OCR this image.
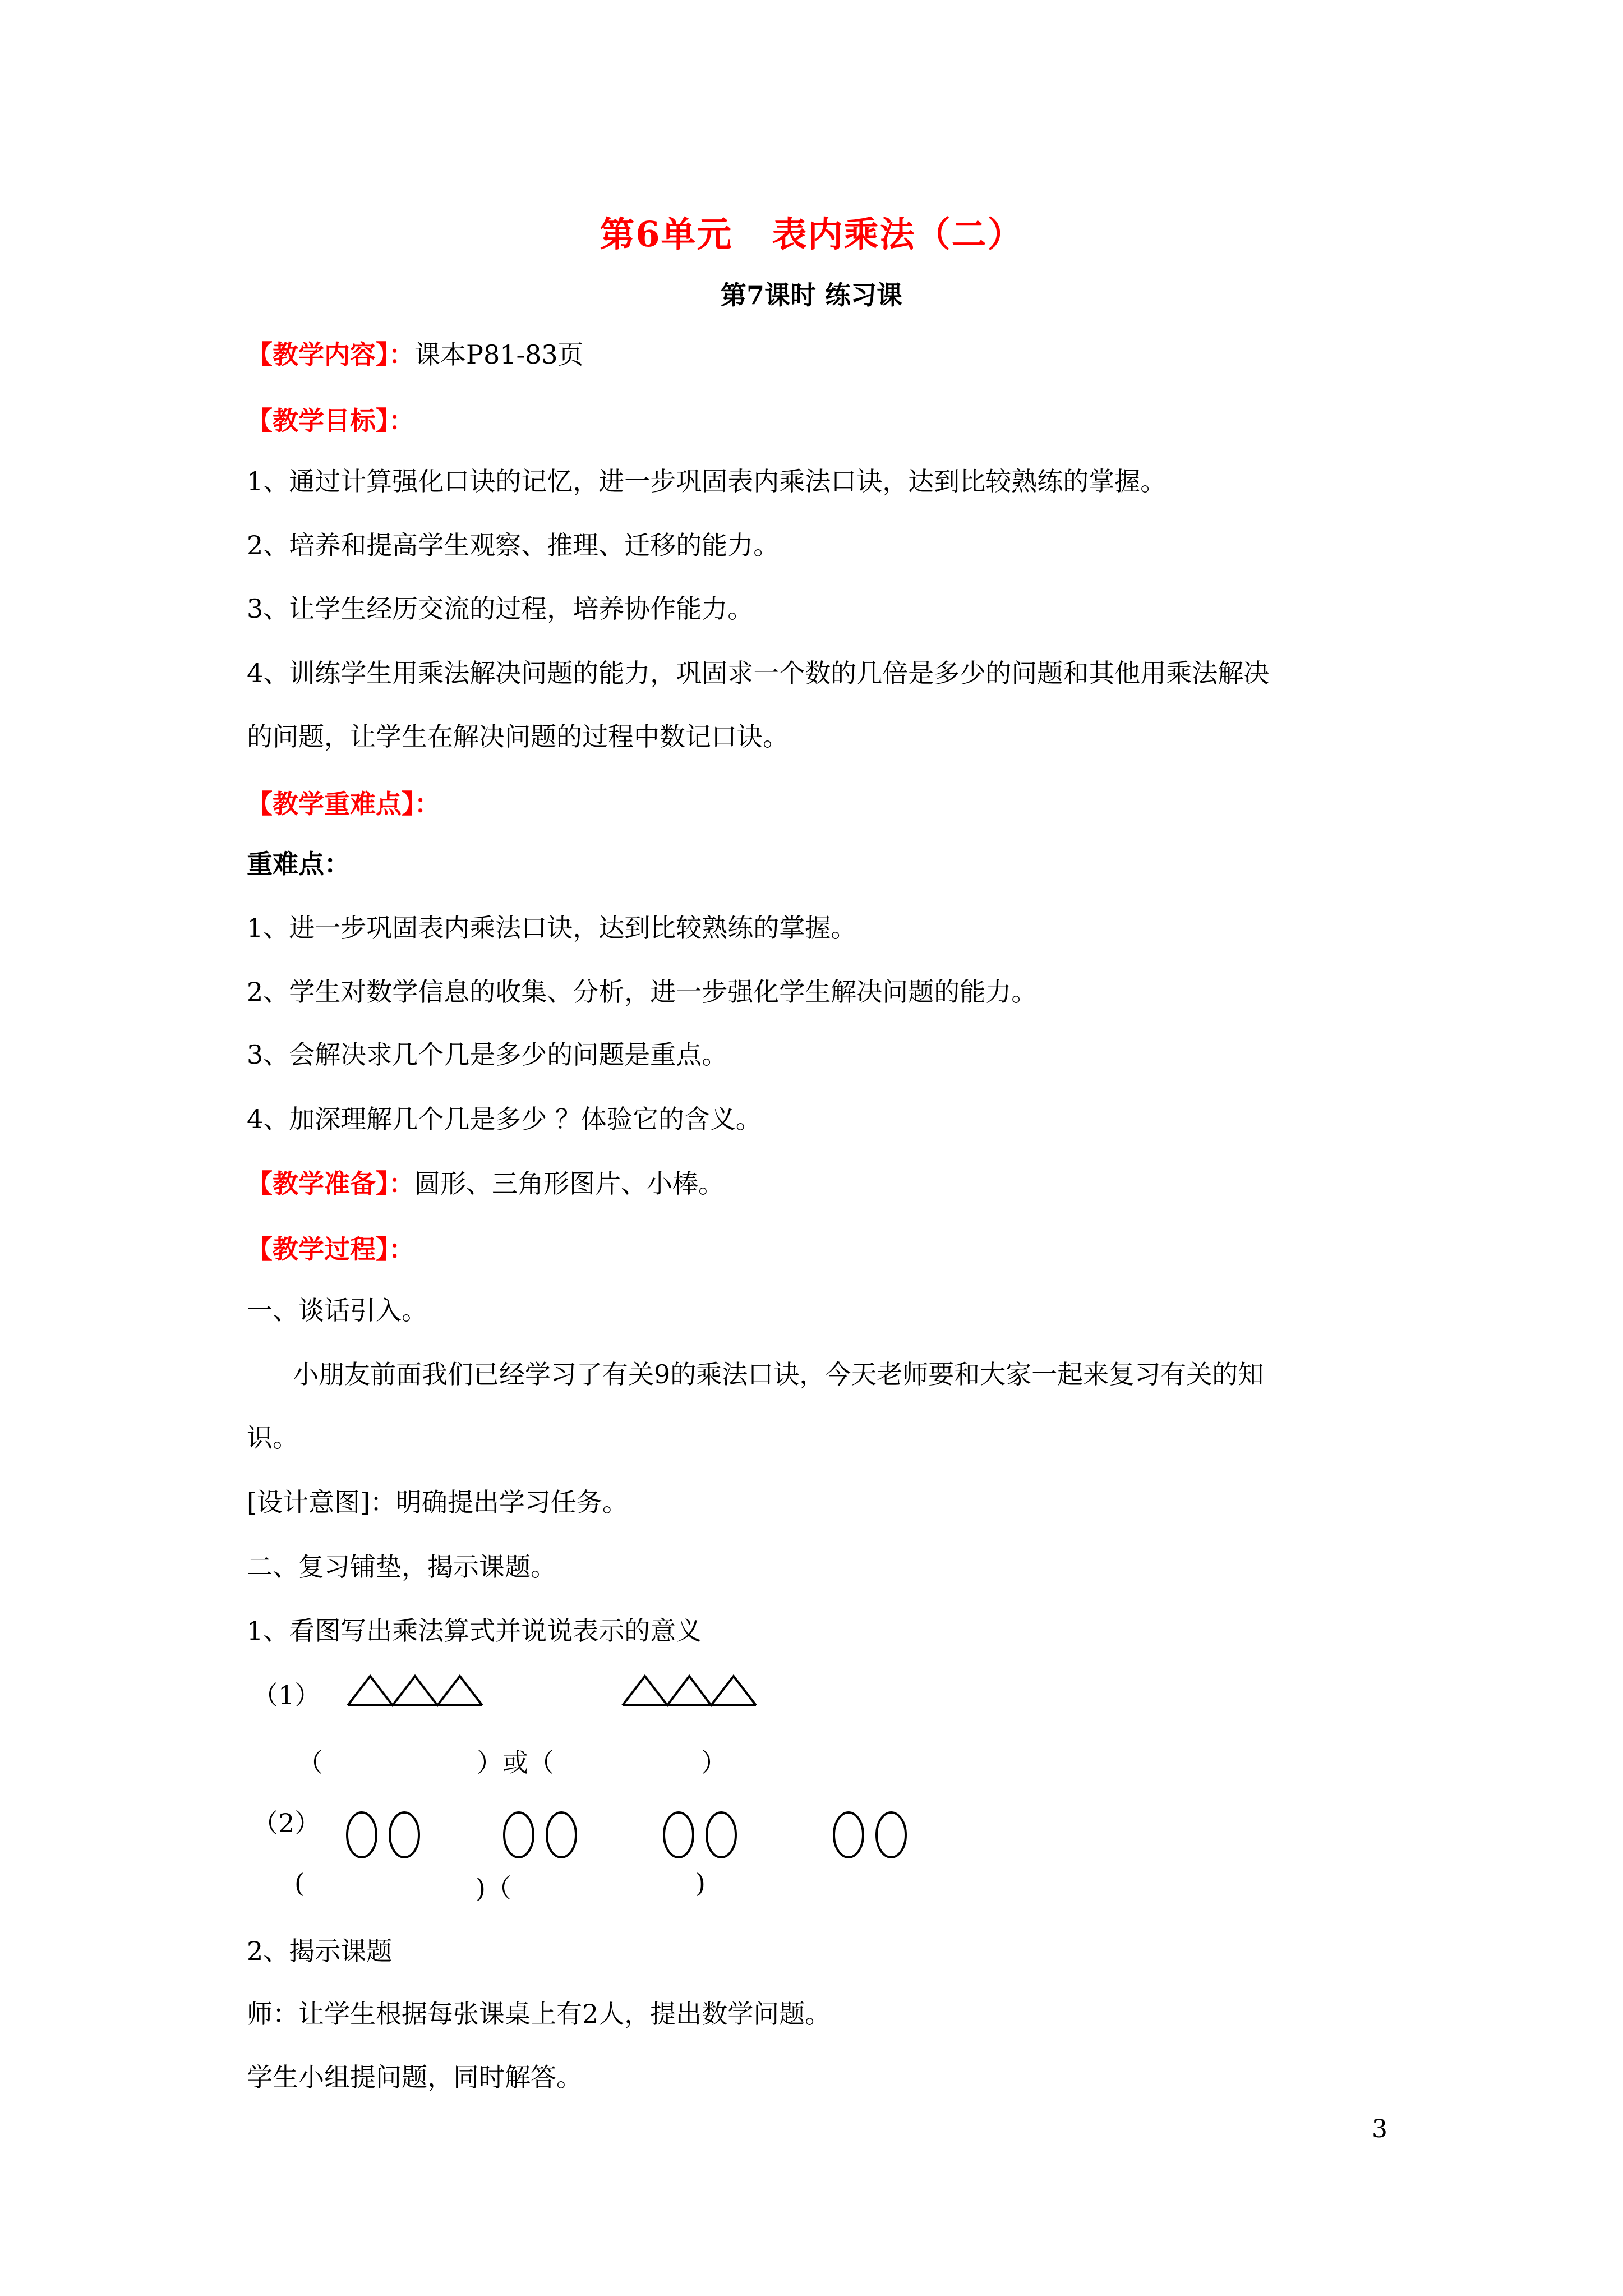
第6单元 表内乘法（二）
第7课时 练习课
【教学内容】：课本P81-83页
【教学目标】：
1、通过计算强化口诀的记忆，进一步巩固表内乘法口诀，达到比较熟练的掌握。
2、培养和提高学生观察、推理、迁移的能力。
3、让学生经历交流的过程，培养协作能力。
4、训练学生用乘法解决问题的能力，巩固求一个数的几倍是多少的问题和其他用乘法解决
的问题，让学生在解决问题的过程中数记口诀。
【教学重难点】：
重难点：
1、进一步巩固表内乘法口诀，达到比较熟练的掌握。
2、学生对数学信息的收集、分析，进一步强化学生解决问题的能力。
3、会解决求几个几是多少的问题是重点。
4、加深理解几个几是多少 ？体验它的含义。
【教学准备】：圆形、三角形图片、小棒。
【教学过程】：
一、谈话引入。
小朋友前面我们已经学习了有关9的乘法口诀，今天老师要和大家一起来复习有关的知
识。
[设计意图]：明确提出学习任务。
二、复习铺垫，揭示课题。
1、看图写出乘法算式并说说表示的意义
（1）
（	）或（	）
（2）
(	)（	)
2、揭示课题
师：让学生根据每张课桌上有2人，提出数学问题。
学生小组提问题，同时解答。
3
